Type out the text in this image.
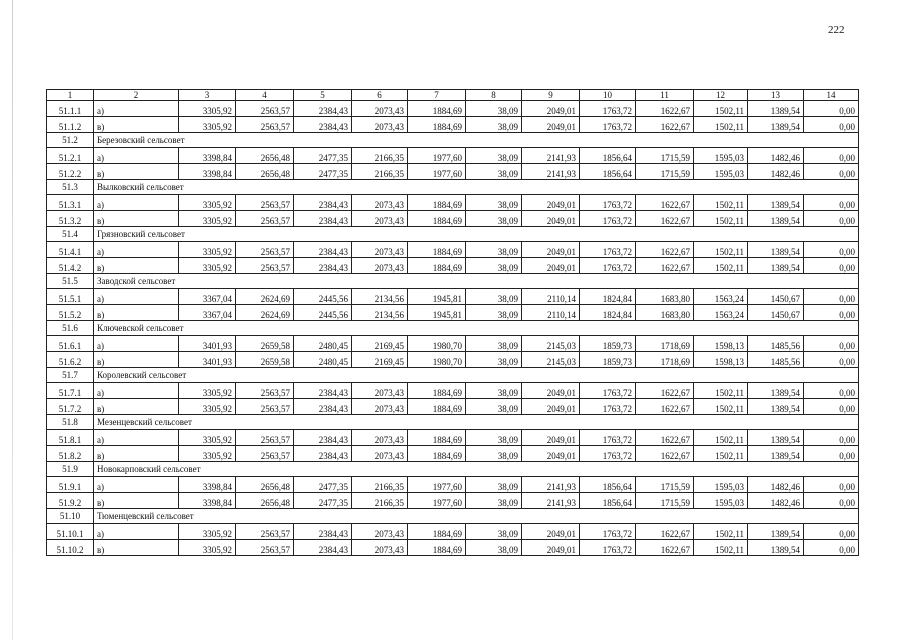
222
1	2	3	4	5	6	7	8	9	10	11	12	13	14
51.1.1	а)	3305,92	2563,57	2384,43	2073,43	1884,69	38,09	2049,01	1763,72	1622,67	1502,11	1389,54	0,00
51.1.2	в)	3305,92	2563,57	2384,43	2073,43	1884,69	38,09	2049,01	1763,72	1622,67	1502,11	1389,54	0,00
51.2	Березовский сельсовет												
51.2.1	а)	3398,84	2656,48	2477,35	2166,35	1977,60	38,09	2141,93	1856,64	1715,59	1595,03	1482,46	0,00
51.2.2	в)	3398,84	2656,48	2477,35	2166,35	1977,60	38,09	2141,93	1856,64	1715,59	1595,03	1482,46	0,00
51.3	Вылковский сельсовет												
51.3.1	а)	3305,92	2563,57	2384,43	2073,43	1884,69	38,09	2049,01	1763,72	1622,67	1502,11	1389,54	0,00
51.3.2	в)	3305,92	2563,57	2384,43	2073,43	1884,69	38,09	2049,01	1763,72	1622,67	1502,11	1389,54	0,00
51.4	Грязновский сельсовет												
51.4.1	а)	3305,92	2563,57	2384,43	2073,43	1884,69	38,09	2049,01	1763,72	1622,67	1502,11	1389,54	0,00
51.4.2	в)	3305,92	2563,57	2384,43	2073,43	1884,69	38,09	2049,01	1763,72	1622,67	1502,11	1389,54	0,00
51.5	Заводской сельсовет												
51.5.1	а)	3367,04	2624,69	2445,56	2134,56	1945,81	38,09	2110,14	1824,84	1683,80	1563,24	1450,67	0,00
51.5.2	в)	3367,04	2624,69	2445,56	2134,56	1945,81	38,09	2110,14	1824,84	1683,80	1563,24	1450,67	0,00
51.6	Ключевской сельсовет												
51.6.1	а)	3401,93	2659,58	2480,45	2169,45	1980,70	38,09	2145,03	1859,73	1718,69	1598,13	1485,56	0,00
51.6.2	в)	3401,93	2659,58	2480,45	2169,45	1980,70	38,09	2145,03	1859,73	1718,69	1598,13	1485,56	0,00
51.7	Королевский сельсовет												
51.7.1	а)	3305,92	2563,57	2384,43	2073,43	1884,69	38,09	2049,01	1763,72	1622,67	1502,11	1389,54	0,00
51.7.2	в)	3305,92	2563,57	2384,43	2073,43	1884,69	38,09	2049,01	1763,72	1622,67	1502,11	1389,54	0,00
51.8	Мезенцевский сельсовет												
51.8.1	а)	3305,92	2563,57	2384,43	2073,43	1884,69	38,09	2049,01	1763,72	1622,67	1502,11	1389,54	0,00
51.8.2	в)	3305,92	2563,57	2384,43	2073,43	1884,69	38,09	2049,01	1763,72	1622,67	1502,11	1389,54	0,00
51.9	Новокарповский сельсовет												
51.9.1	а)	3398,84	2656,48	2477,35	2166,35	1977,60	38,09	2141,93	1856,64	1715,59	1595,03	1482,46	0,00
51.9.2	в)	3398,84	2656,48	2477,35	2166,35	1977,60	38,09	2141,93	1856,64	1715,59	1595,03	1482,46	0,00
51.10	Тюменцевский сельсовет												
51.10.1	а)	3305,92	2563,57	2384,43	2073,43	1884,69	38,09	2049,01	1763,72	1622,67	1502,11	1389,54	0,00
51.10.2	в)	3305,92	2563,57	2384,43	2073,43	1884,69	38,09	2049,01	1763,72	1622,67	1502,11	1389,54	0,00
